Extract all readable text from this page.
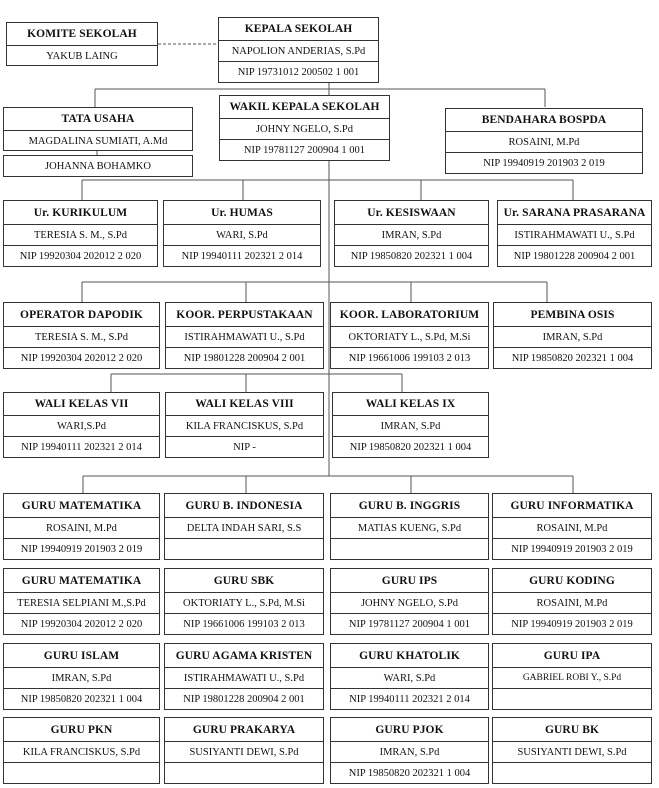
KOMITE SEKOLAH
YAKUB LAING
KEPALA SEKOLAH
NAPOLION ANDERIAS, S.Pd
NIP 19731012 200502 1 001
TATA USAHA
MAGDALINA SUMIATI, A.Md
JOHANNA BOHAMKO
WAKIL KEPALA SEKOLAH
JOHNY NGELO, S.Pd
NIP 19781127 200904 1 001
BENDAHARA BOSPDA
ROSAINI, M.Pd
NIP 19940919 201903 2 019
Ur. KURIKULUM
TERESIA S. M., S.Pd
NIP 19920304 202012 2 020
Ur. HUMAS
WARI, S.Pd
NIP 19940111 202321 2 014
Ur. KESISWAAN
IMRAN, S.Pd
NIP 19850820 202321 1 004
Ur. SARANA PRASARANA
ISTIRAHMAWATI U., S.Pd
NIP 19801228 200904 2 001
OPERATOR DAPODIK
TERESIA S. M., S.Pd
NIP 19920304 202012 2 020
KOOR. PERPUSTAKAAN
ISTIRAHMAWATI U., S.Pd
NIP 19801228 200904 2 001
KOOR. LABORATORIUM
OKTORIATY L., S.Pd, M.Si
NIP 19661006 199103 2 013
PEMBINA OSIS
IMRAN, S.Pd
NIP 19850820 202321 1 004
WALI KELAS VII
WARI,S.Pd
NIP 19940111 202321 2 014
WALI KELAS VIII
KILA FRANCISKUS, S.Pd
NIP -
WALI KELAS IX
IMRAN, S.Pd
NIP 19850820 202321 1 004
GURU MATEMATIKA
ROSAINI, M.Pd
NIP 19940919 201903 2 019
GURU B. INDONESIA
DELTA INDAH SARI, S.S
GURU B. INGGRIS
MATIAS KUENG, S.Pd
GURU INFORMATIKA
ROSAINI, M.Pd
NIP 19940919 201903 2 019
GURU MATEMATIKA
TERESIA SELPIANI M.,S.Pd
NIP 19920304 202012 2 020
GURU SBK
OKTORIATY L., S.Pd, M.Si
NIP 19661006 199103 2 013
GURU IPS
JOHNY NGELO, S.Pd
NIP 19781127 200904 1 001
GURU KODING
ROSAINI, M.Pd
NIP 19940919 201903 2 019
GURU ISLAM
IMRAN, S.Pd
NIP 19850820 202321 1 004
GURU AGAMA KRISTEN
ISTIRAHMAWATI U., S.Pd
NIP 19801228 200904 2 001
GURU KHATOLIK
WARI, S.Pd
NIP 19940111 202321 2 014
GURU IPA
GABRIEL ROBI Y., S.Pd
GURU PKN
KILA FRANCISKUS, S.Pd
GURU PRAKARYA
SUSIYANTI DEWI, S.Pd
GURU PJOK
IMRAN, S.Pd
NIP 19850820 202321 1 004
GURU BK
SUSIYANTI DEWI, S.Pd
